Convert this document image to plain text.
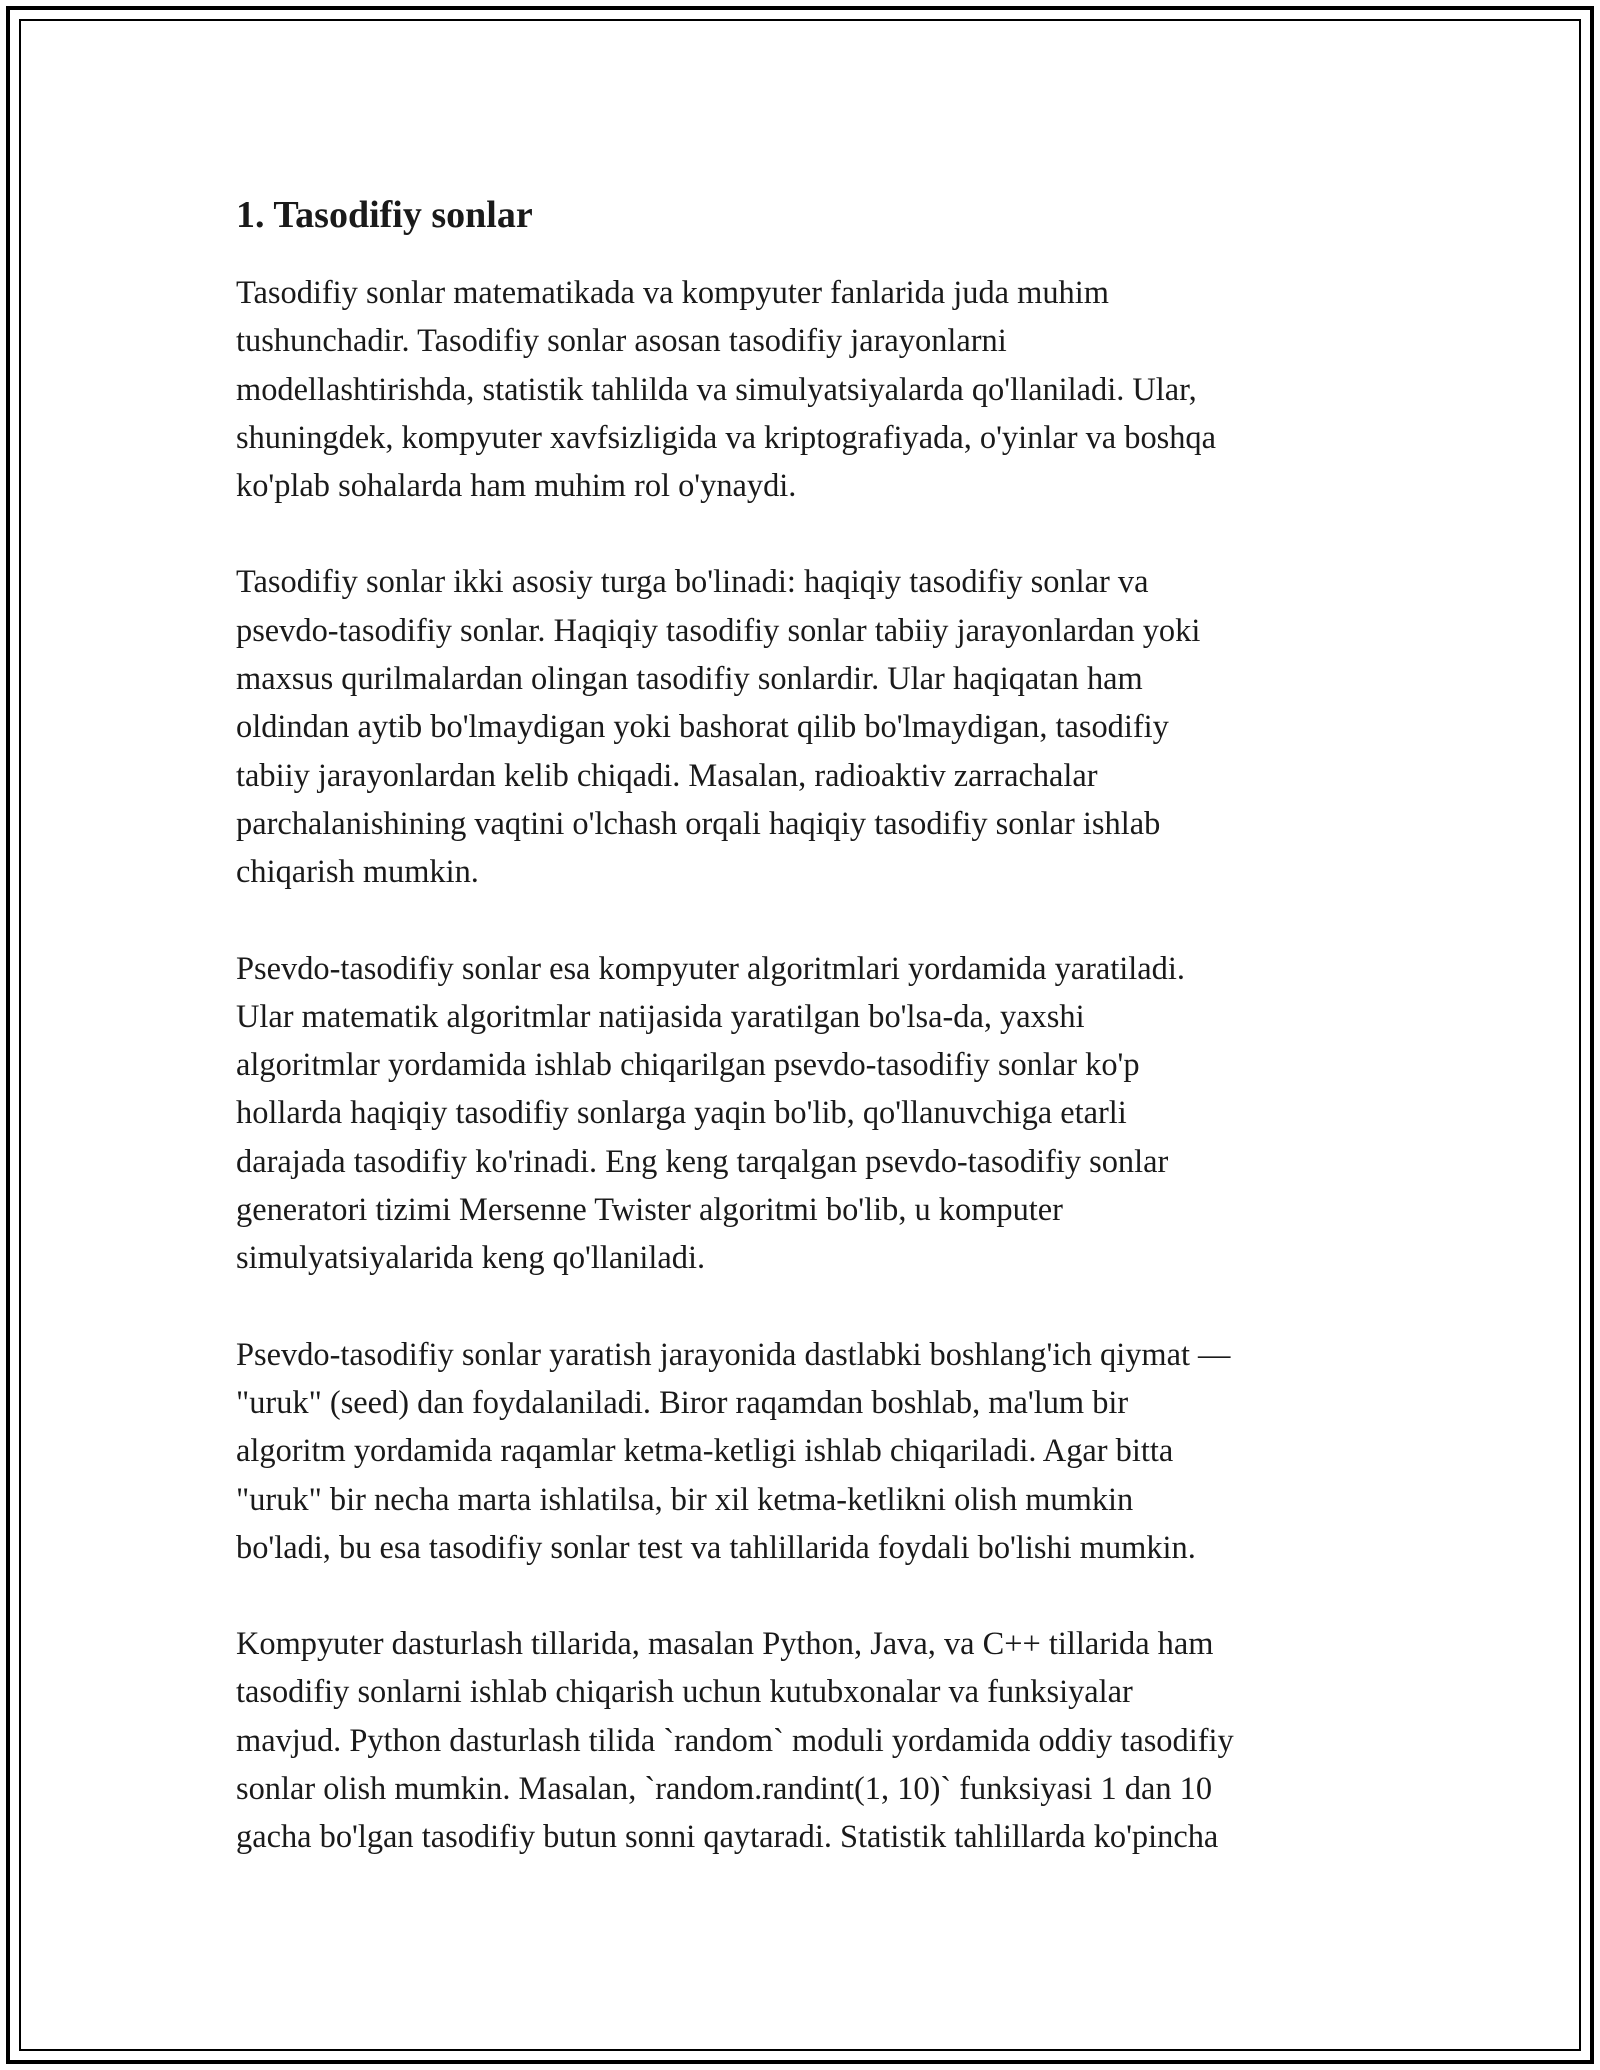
1. Tasodifiy sonlar

Tasodifiy sonlar matematikada va kompyuter fanlarida juda muhim
tushunchadir. Tasodifiy sonlar asosan tasodifiy jarayonlarni
modellashtirishda, statistik tahlilda va simulyatsiyalarda qo'llaniladi. Ular,
shuningdek, kompyuter xavfsizligida va kriptografiyada, o'yinlar va boshqa
ko'plab sohalarda ham muhim rol o'ynaydi.

Tasodifiy sonlar ikki asosiy turga bo'linadi: haqiqiy tasodifiy sonlar va
psevdo-tasodifiy sonlar. Haqiqiy tasodifiy sonlar tabiiy jarayonlardan yoki
maxsus qurilmalardan olingan tasodifiy sonlardir. Ular haqiqatan ham
oldindan aytib bo'lmaydigan yoki bashorat qilib bo'lmaydigan, tasodifiy
tabiiy jarayonlardan kelib chiqadi. Masalan, radioaktiv zarrachalar
parchalanishining vaqtini o'lchash orqali haqiqiy tasodifiy sonlar ishlab
chiqarish mumkin.

Psevdo-tasodifiy sonlar esa kompyuter algoritmlari yordamida yaratiladi.
Ular matematik algoritmlar natijasida yaratilgan bo'lsa-da, yaxshi
algoritmlar yordamida ishlab chiqarilgan psevdo-tasodifiy sonlar ko'p
hollarda haqiqiy tasodifiy sonlarga yaqin bo'lib, qo'llanuvchiga etarli
darajada tasodifiy ko'rinadi. Eng keng tarqalgan psevdo-tasodifiy sonlar
generatori tizimi Mersenne Twister algoritmi bo'lib, u komputer
simulyatsiyalarida keng qo'llaniladi.

Psevdo-tasodifiy sonlar yaratish jarayonida dastlabki boshlang'ich qiymat —
"uruk" (seed) dan foydalaniladi. Biror raqamdan boshlab, ma'lum bir
algoritm yordamida raqamlar ketma-ketligi ishlab chiqariladi. Agar bitta
"uruk" bir necha marta ishlatilsa, bir xil ketma-ketlikni olish mumkin
bo'ladi, bu esa tasodifiy sonlar test va tahlillarida foydali bo'lishi mumkin.

Kompyuter dasturlash tillarida, masalan Python, Java, va C++ tillarida ham
tasodifiy sonlarni ishlab chiqarish uchun kutubxonalar va funksiyalar
mavjud. Python dasturlash tilida `random` moduli yordamida oddiy tasodifiy
sonlar olish mumkin. Masalan, `random.randint(1, 10)` funksiyasi 1 dan 10
gacha bo'lgan tasodifiy butun sonni qaytaradi. Statistik tahlillarda ko'pincha
